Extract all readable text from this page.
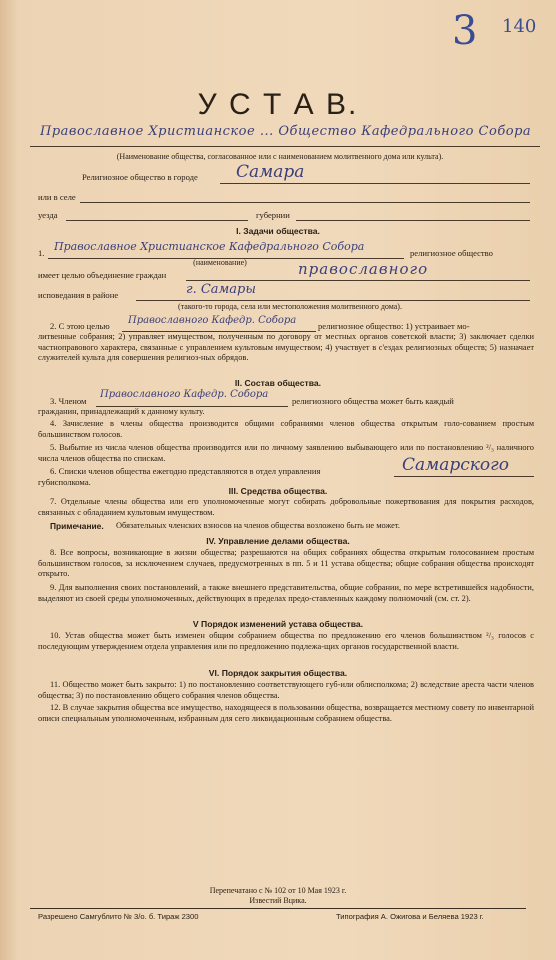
3 140
У С Т А В.
Православное Христианское ... Общество Кафедрального Собора
(Наименование общества, согласованное или с наименованием молитвенного дома или культа).
Религиозное общество в городе Самара
или в селе
уезда	губернии
I. Задачи общества.
1. Православное Христианское Кафедрального Собора	религиозное общество
(наименование)
имеет целью объединение граждан	православного
исповедания в районе	г. Самары
(такого-то города, села или местоположения молитвенного дома).
2. С этою целью Православного Кафедр. Собора	религиозное общество: 1) устраивает мо-
литвенные собрания; 2) управляет имуществом, полученным по договору от местных органов советской власти; 3) заключает сделки частноправового характера, связанные с управлением культовым имуществом; 4) участвует в с'ездах религиозных обществ; 5) назначает служителей культа для совершения религиоз-ных обрядов.
II. Состав общества.
3. Членом
Православного Кафедр. Собора
религиозного общества может быть каждый
гражданин, принадлежащий к данному культу.
4. Зачисление в члены общества производится общими собраниями членов общества открытым голо-сованием простым большинством голосов.
5. Выбытие из числа членов общества производится или по личному заявлению выбывающего или по постановлению ²/₃ наличного числа членов общества по спискам.
6. Списки членов общества ежегодно представляются в отдел управления	Самарского
губисполкома.
III. Средства общества.
7. Отдельные члены общества или его уполномоченные могут собирать добровольные пожертвования для покрытия расходов, связанных с обладанием культовым имуществом.
Примечание. Обязательных членских взносов на членов общества возложено быть не может.
IV. Управление делами общества.
8. Все вопросы, возникающие в жизни общества; разрешаются на общих собраниях общества открытым голосованием простым большинством голосов, за исключением случаев, предусмотренных в пп. 5 и 11 устава общества; общие собрания общества происходят открыто.
9. Для выполнения своих постановлений, а также внешнего представительства, общие собрании, по мере встретившейся надобности, выделяют из своей среды уполномоченных, действующих в пределах предо-ставленных каждому полномочий (см. ст. 2).
V Порядок изменений устава общества.
10. Устав общества может быть изменен общим собранием общества по предложению его членов большинством ²/₃ голосов с последующим утверждением отдела управления или по предложению подлежа-щих органов государственной власти.
VI. Порядок закрытия общества.
11. Общество может быть закрыто: 1) по постановлению соответствующего губ-или облисполкома; 2) вследствие ареста части членов общества; 3) по постановлению общего собрания членов общества.
12. В случае закрытия общества все имущество, находящееся в пользовании общества, возвращается местному совету по инвентарной описи специальным уполномоченным, избранным для сего ликвидационным собранием общества.
Перепечатано с № 102 от 10 Мая 1923 г.
Известий Вцика.
Разрешено Самгублито № 3/о. б. Тираж 2300	Типография А. Ожигова и Беляева 1923 г.
